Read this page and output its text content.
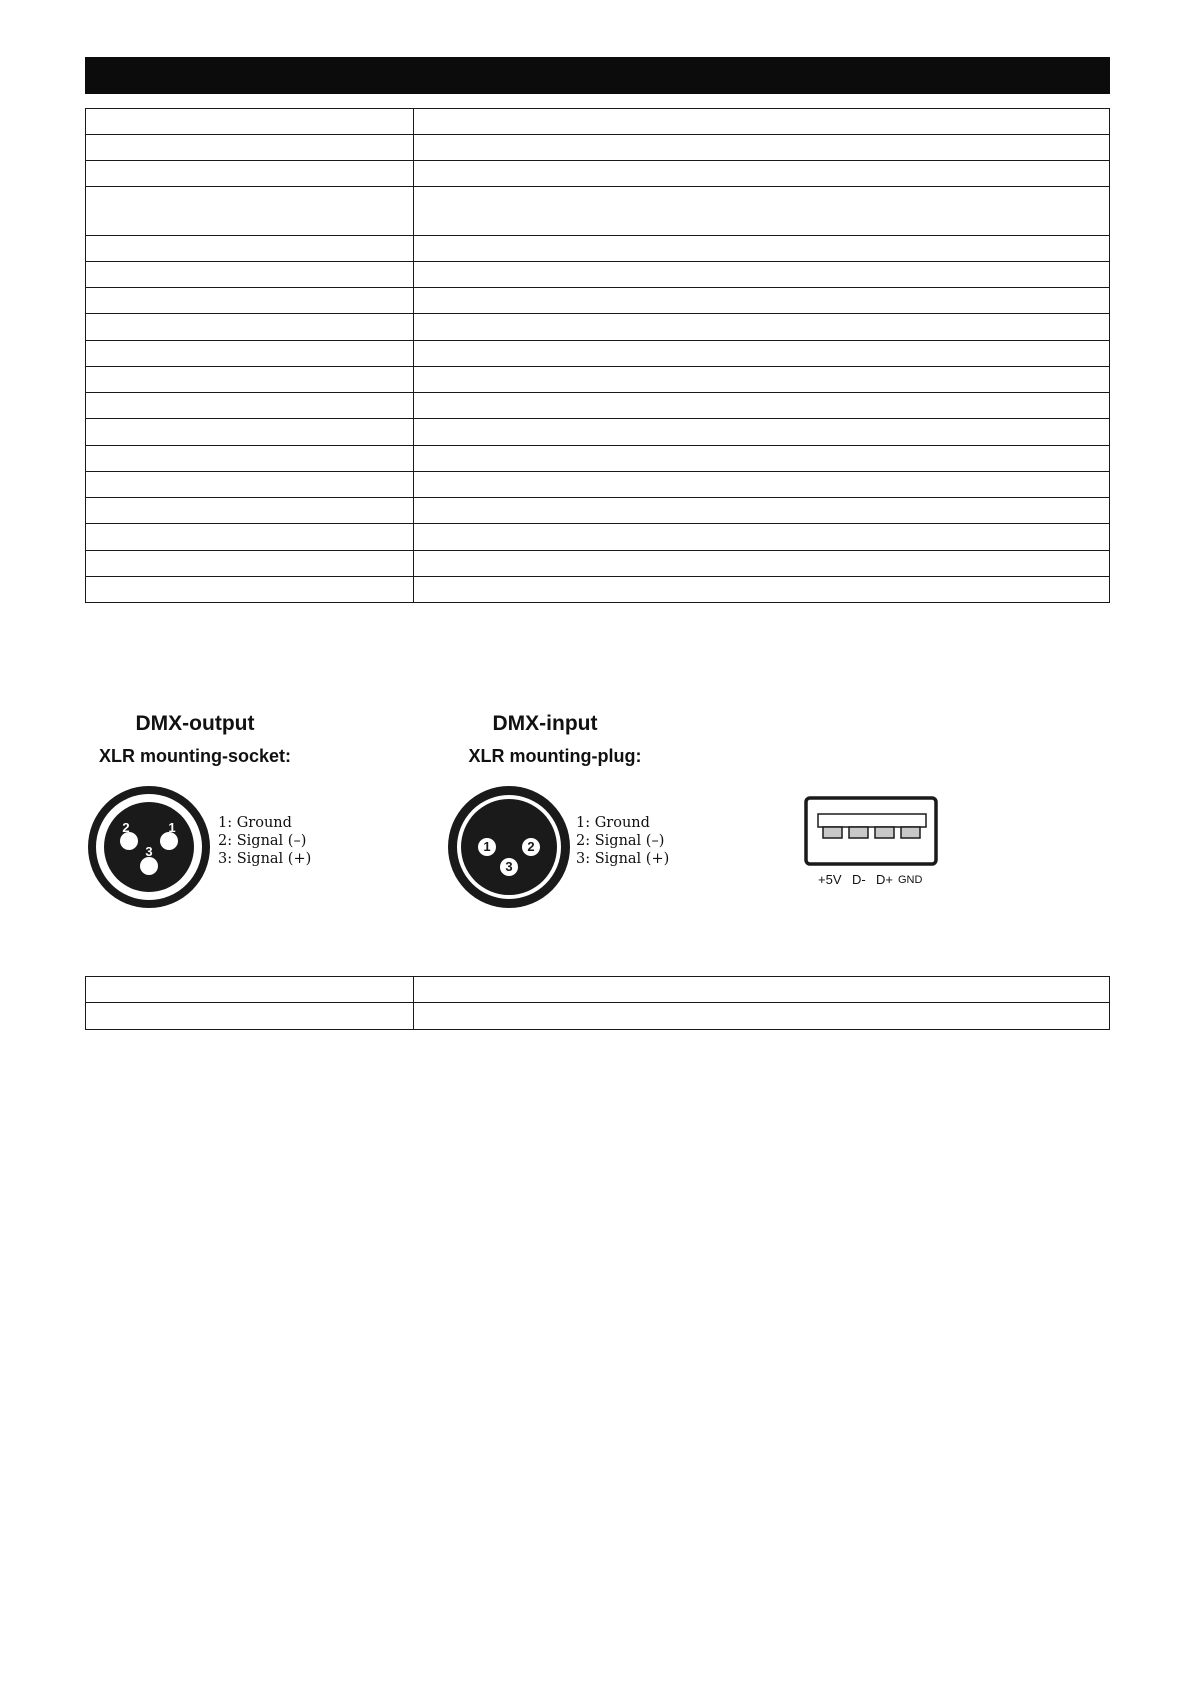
DMX-output
XLR mounting-socket:
2	1
3
1: Ground
2: Signal (–)
3: Signal (+)
DMX-input
XLR mounting-plug:
1	2
3
1: Ground
2: Signal (–)
3: Signal (+)
+5V D- D+ GND
